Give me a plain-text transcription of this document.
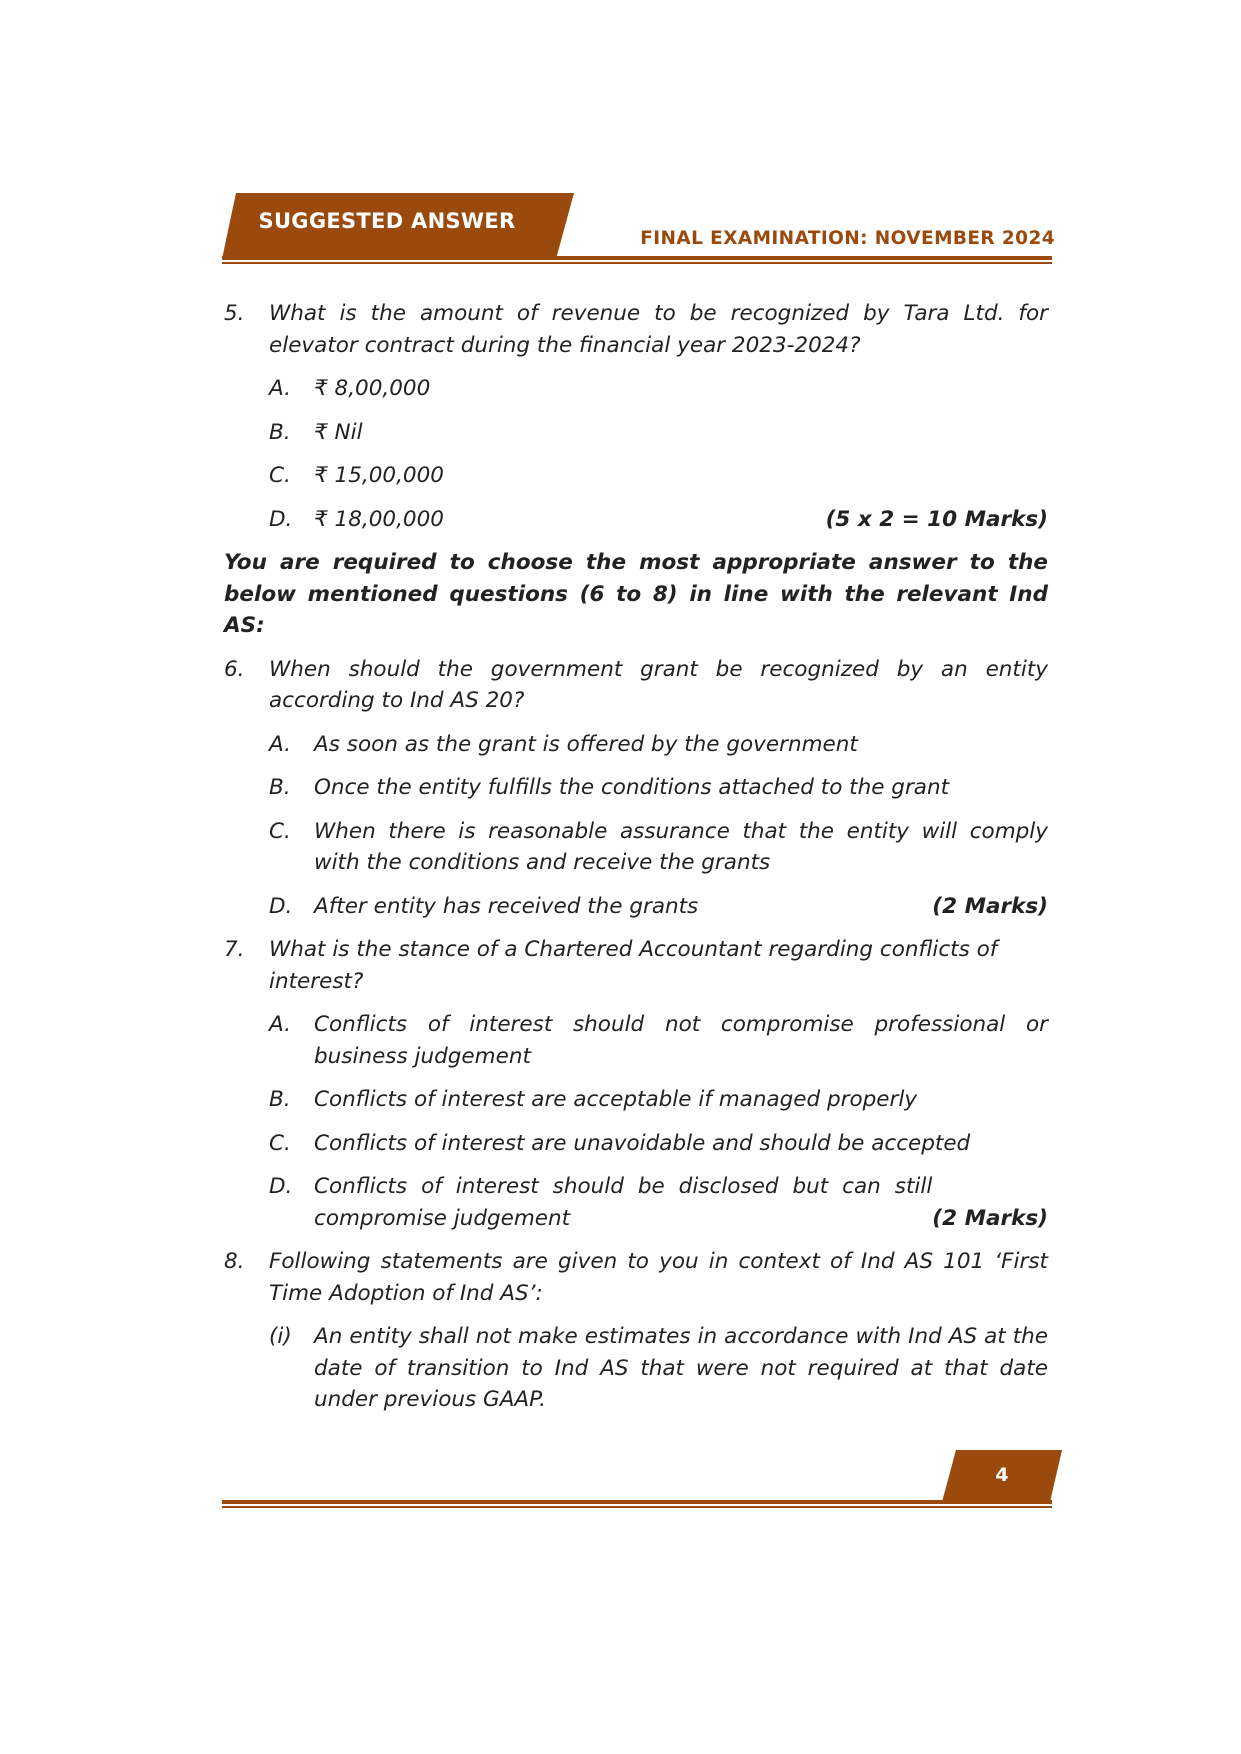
SUGGESTED ANSWER
FINAL EXAMINATION: NOVEMBER 2024
5.	What is the amount of revenue to be recognized by Tara Ltd. for elevator contract during the financial year 2023-2024?
A.	₹ 8,00,000
B.	₹ Nil
C.	₹ 15,00,000
D.	₹ 18,00,000	(5 x 2 = 10 Marks)
You are required to choose the most appropriate answer to the below mentioned questions (6 to 8) in line with the relevant Ind AS:
6.	When should the government grant be recognized by an entity according to Ind AS 20?
A.	As soon as the grant is offered by the government
B.	Once the entity fulfills the conditions attached to the grant
C.	When there is reasonable assurance that the entity will comply with the conditions and receive the grants
D.	After entity has received the grants	(2 Marks)
7.	What is the stance of a Chartered Accountant regarding conflicts of interest?
A.	Conflicts of interest should not compromise professional or business judgement
B.	Conflicts of interest are acceptable if managed properly
C.	Conflicts of interest are unavoidable and should be accepted
D.
(2 Marks)
Conflicts of interest should be disclosed but can still compromise judgement
8.	Following statements are given to you in context of Ind AS 101 ‘First Time Adoption of Ind AS’:
(i)	An entity shall not make estimates in accordance with Ind AS at the date of transition to Ind AS that were not required at that date under previous GAAP.
4
